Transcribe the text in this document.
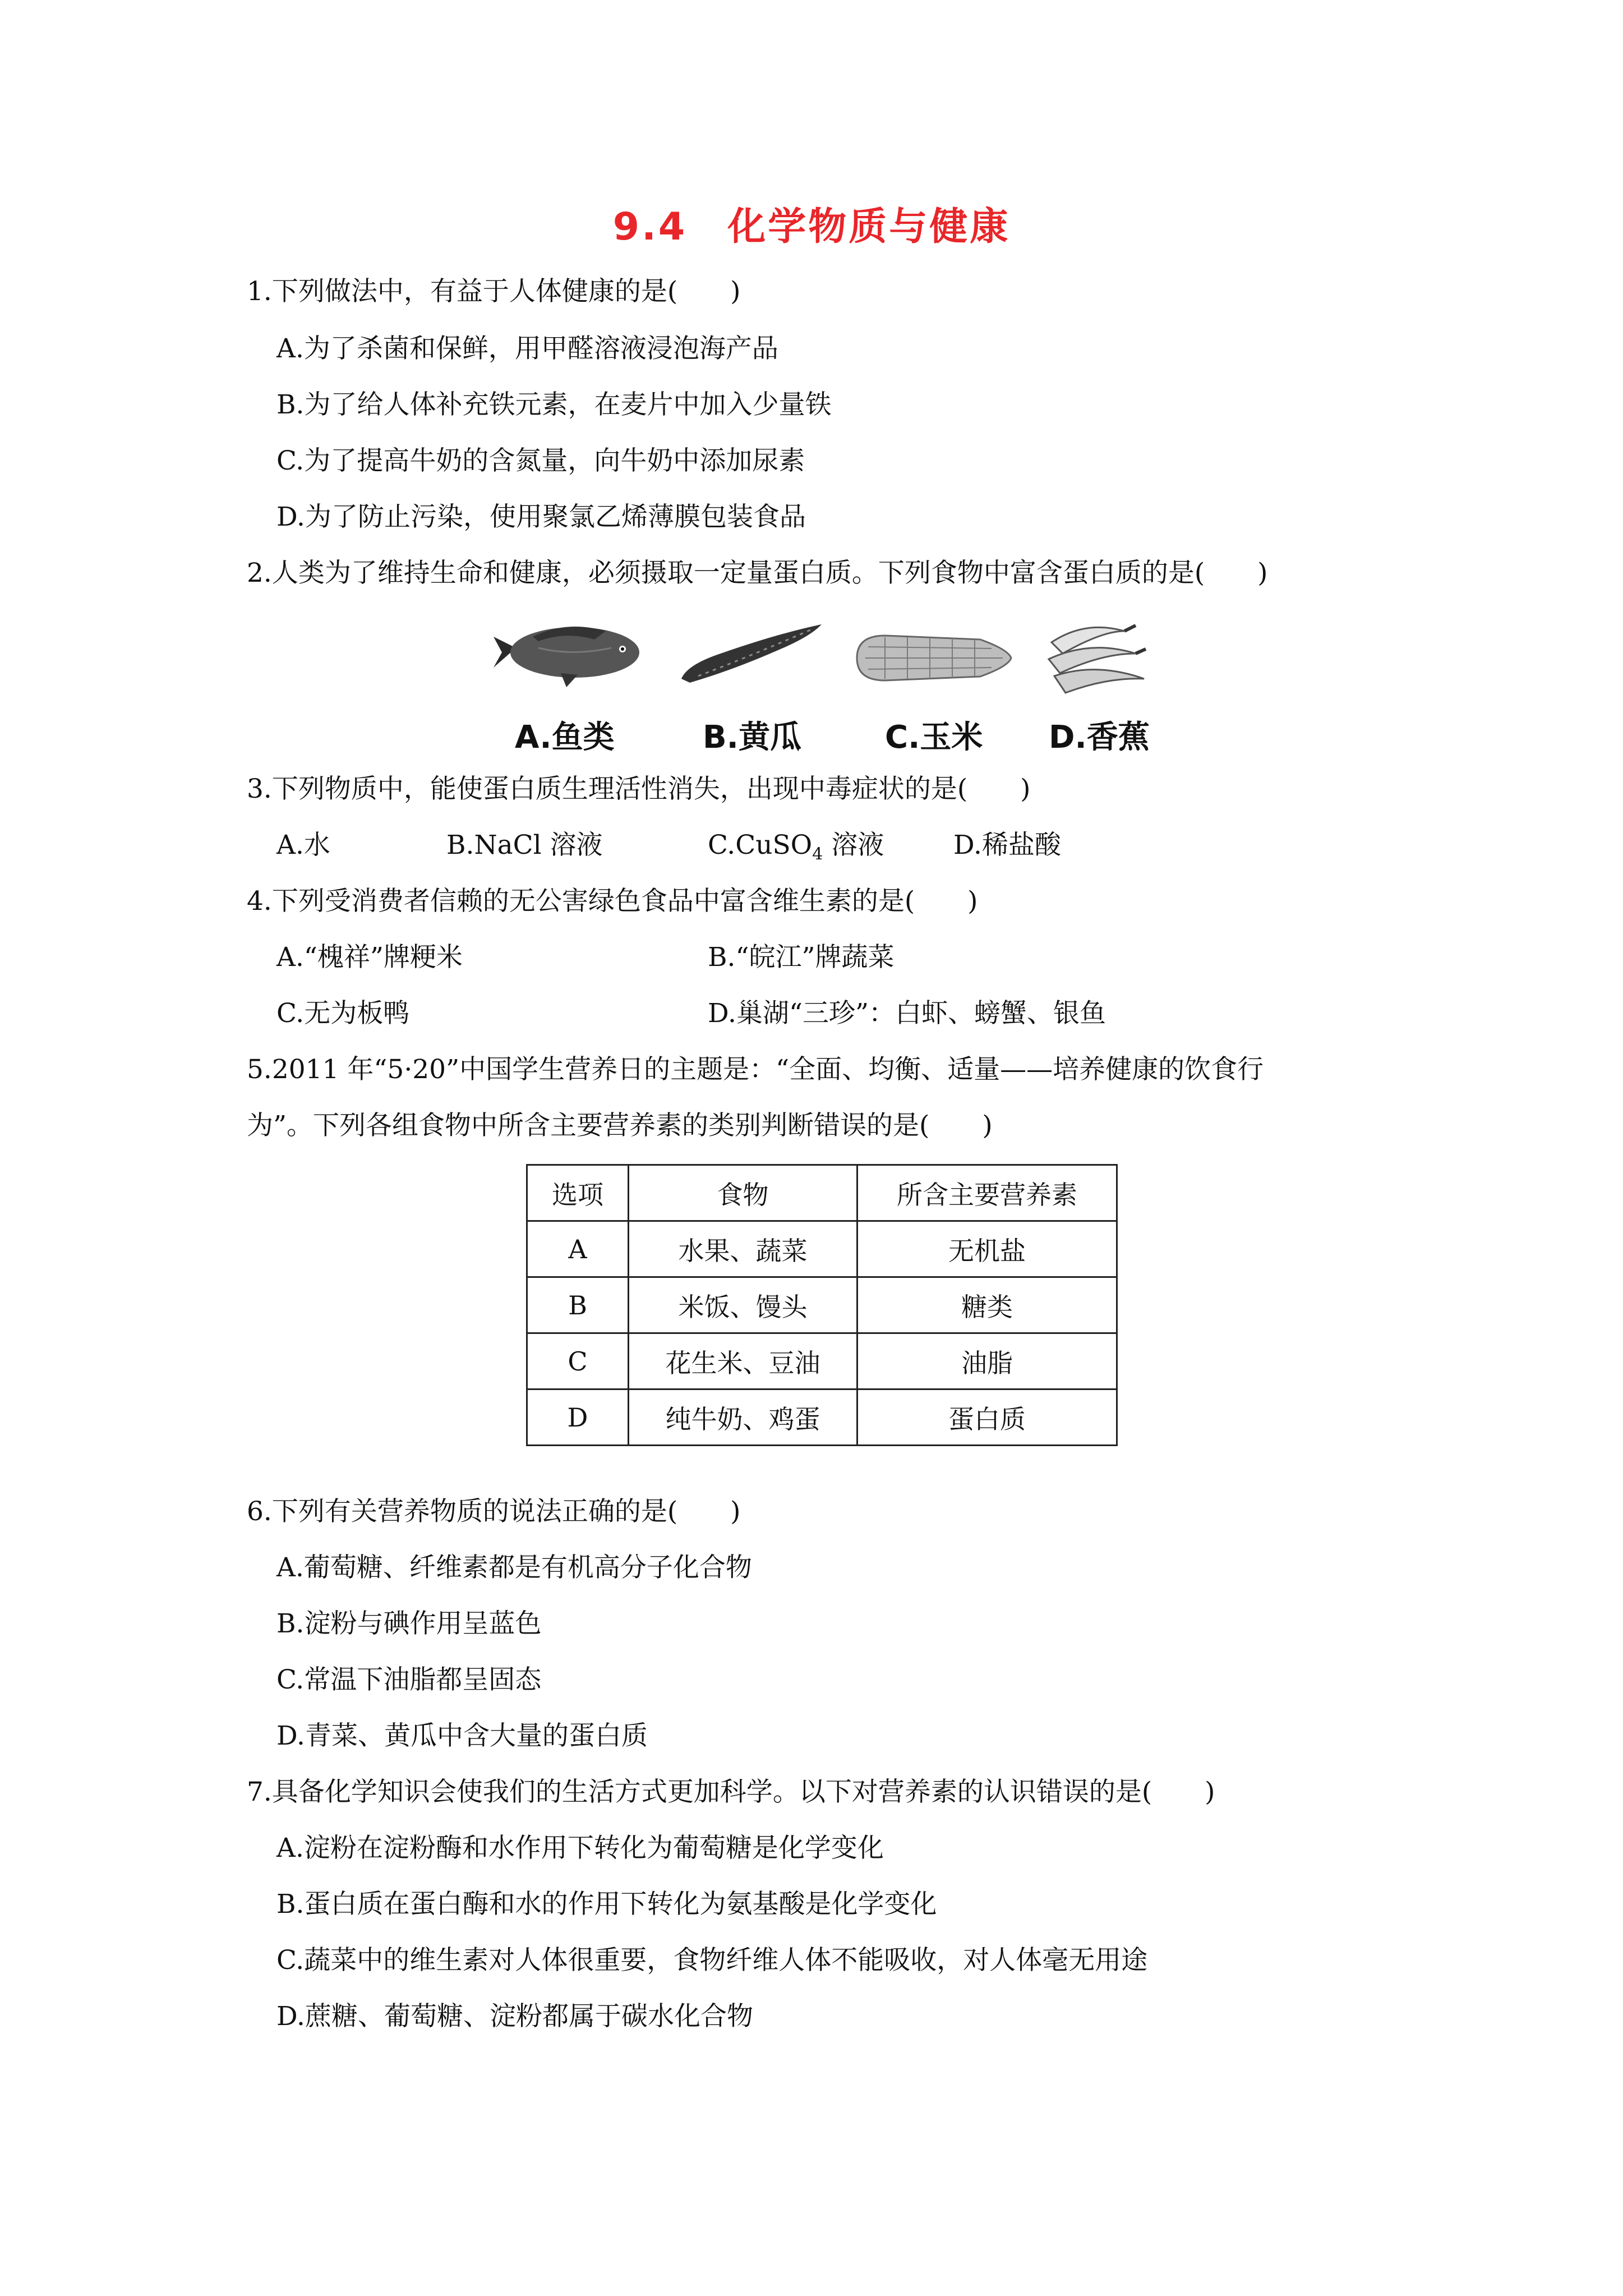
9.4　化学物质与健康
1.下列做法中，有益于人体健康的是(　　)
A.为了杀菌和保鲜，用甲醛溶液浸泡海产品
B.为了给人体补充铁元素，在麦片中加入少量铁
C.为了提高牛奶的含氮量，向牛奶中添加尿素
D.为了防止污染，使用聚氯乙烯薄膜包装食品
2.人类为了维持生命和健康，必须摄取一定量蛋白质。下列食物中富含蛋白质的是(　　)
A.鱼类	B.黄瓜	C.玉米 D.香蕉
3.下列物质中，能使蛋白质生理活性消失，出现中毒症状的是(　　)
A.水	B.NaCl 溶液	C.CuSO$_4$ 溶液	D.稀盐酸
4.下列受消费者信赖的无公害绿色食品中富含维生素的是(　　)
A.“槐祥”牌粳米	B.“皖江”牌蔬菜
C.无为板鸭	D.巢湖“三珍”：白虾、螃蟹、银鱼
5.2011 年“5·20”中国学生营养日的主题是：“全面、均衡、适量——培养健康的饮食行
为”。下列各组食物中所含主要营养素的类别判断错误的是(　　)
选项	食物	所含主要营养素
A	水果、蔬菜	无机盐
B	米饭、馒头	糖类
C	花生米、豆油	油脂
D	纯牛奶、鸡蛋	蛋白质
6.下列有关营养物质的说法正确的是(　　)
A.葡萄糖、纤维素都是有机高分子化合物
B.淀粉与碘作用呈蓝色
C.常温下油脂都呈固态
D.青菜、黄瓜中含大量的蛋白质
7.具备化学知识会使我们的生活方式更加科学。以下对营养素的认识错误的是(　　)
A.淀粉在淀粉酶和水作用下转化为葡萄糖是化学变化
B.蛋白质在蛋白酶和水的作用下转化为氨基酸是化学变化
C.蔬菜中的维生素对人体很重要，食物纤维人体不能吸收，对人体毫无用途
D.蔗糖、葡萄糖、淀粉都属于碳水化合物
